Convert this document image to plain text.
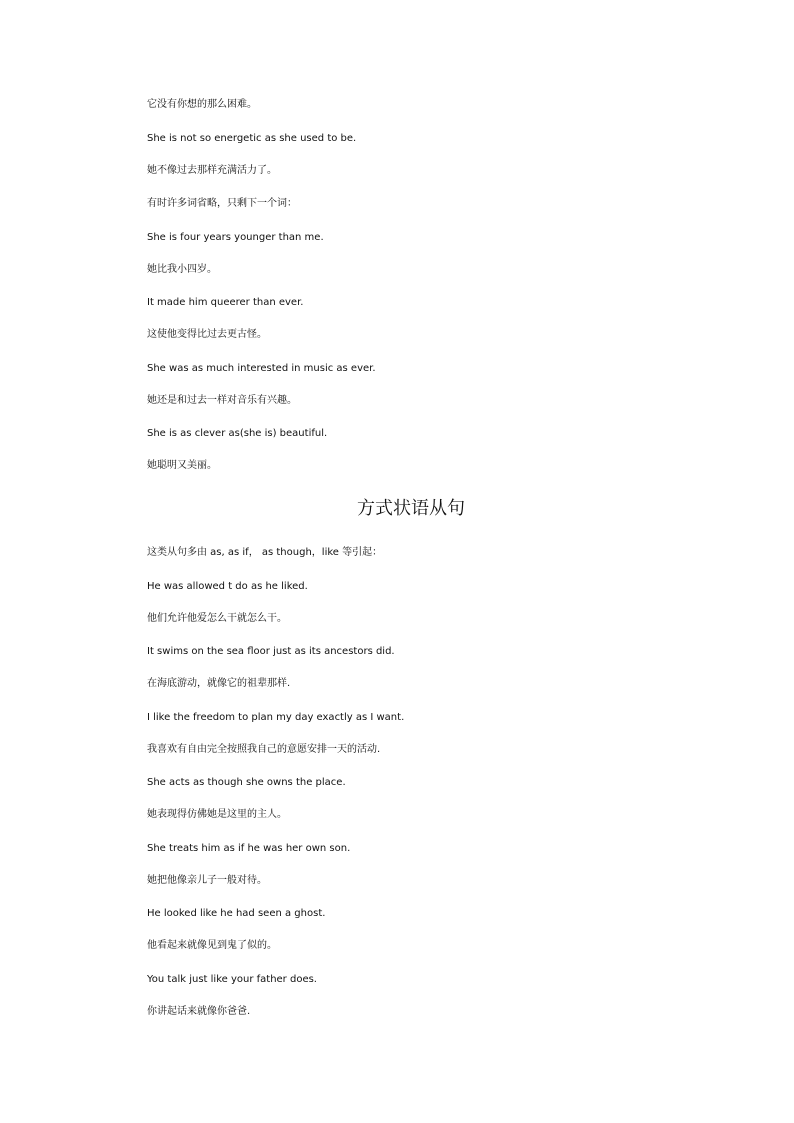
它没有你想的那么困难。
She is not so energetic as she used to be.
她不像过去那样充满活力了。
有时许多词省略，只剩下一个词：
She is four years younger than me.
她比我小四岁。
It made him queerer than ever.
这使他变得比过去更古怪。
She was as much interested in music as ever.
她还是和过去一样对音乐有兴趣。
She is as clever as(she is) beautiful.
她聪明又美丽。
方式状语从句
这类从句多由 as, as if， as though，like 等引起：
He was allowed t do as he liked.
他们允许他爱怎么干就怎么干。
It swims on the sea floor just as its ancestors did.
在海底游动，就像它的祖辈那样.
I like the freedom to plan my day exactly as I want.
我喜欢有自由完全按照我自己的意愿安排一天的活动.
She acts as though she owns the place.
她表现得仿佛她是这里的主人。
She treats him as if he was her own son.
她把他像亲儿子一般对待。
He looked like he had seen a ghost.
他看起来就像见到鬼了似的。
You talk just like your father does.
你讲起话来就像你爸爸.
